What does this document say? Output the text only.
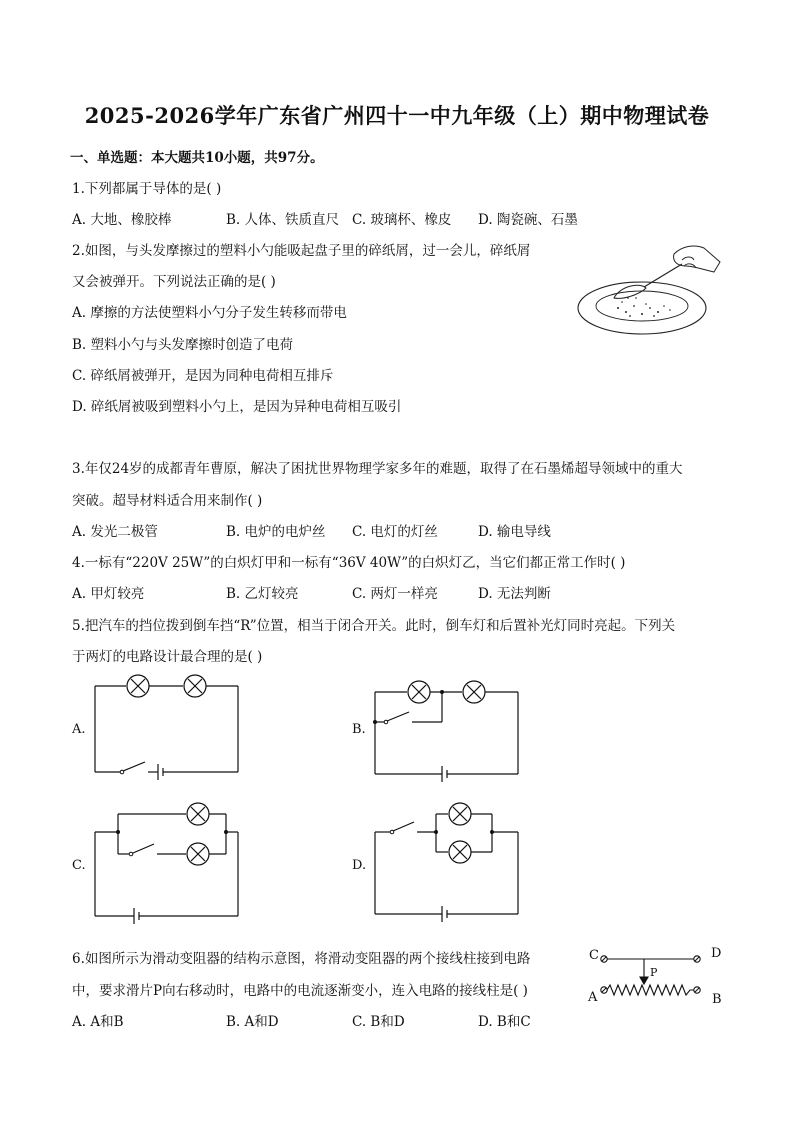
2025-2026学年广东省广州四十一中九年级（上）期中物理试卷
一、单选题：本大题共10小题，共97分。
1.下列都属于导体的是( )
A. 大地、橡胶棒	B. 人体、铁质直尺 C. 玻璃杯、橡皮 D. 陶瓷碗、石墨
2.如图，与头发摩擦过的塑料小勺能吸起盘子里的碎纸屑，过一会儿，碎纸屑
又会被弹开。下列说法正确的是( )
A. 摩擦的方法使塑料小勺分子发生转移而带电
B. 塑料小勺与头发摩擦时创造了电荷
C. 碎纸屑被弹开，是因为同种电荷相互排斥
D. 碎纸屑被吸到塑料小勺上，是因为异种电荷相互吸引
3.年仅24岁的成都青年曹原，解决了困扰世界物理学家多年的难题，取得了在石墨烯超导领域中的重大
突破。超导材料适合用来制作( )
A. 发光二极管	B. 电炉的电炉丝 C. 电灯的灯丝	D. 输电导线
4.一标有“220V 25W”的白炽灯甲和一标有“36V 40W”的白炽灯乙，当它们都正常工作时( )
A. 甲灯较亮	B. 乙灯较亮	C. 两灯一样亮	D. 无法判断
5.把汽车的挡位拨到倒车挡“R”位置，相当于闭合开关。此时，倒车灯和后置补光灯同时亮起。下列关
于两灯的电路设计最合理的是( )
A.	B.
C.	D.
6.如图所示为滑动变阻器的结构示意图，将滑动变阻器的两个接线柱接到电路
中，要求滑片P向右移动时，电路中的电流逐渐变小，连入电路的接线柱是( )
A. A和B	B. A和D	C. B和D	D. B和C
C	D
A	B
P
